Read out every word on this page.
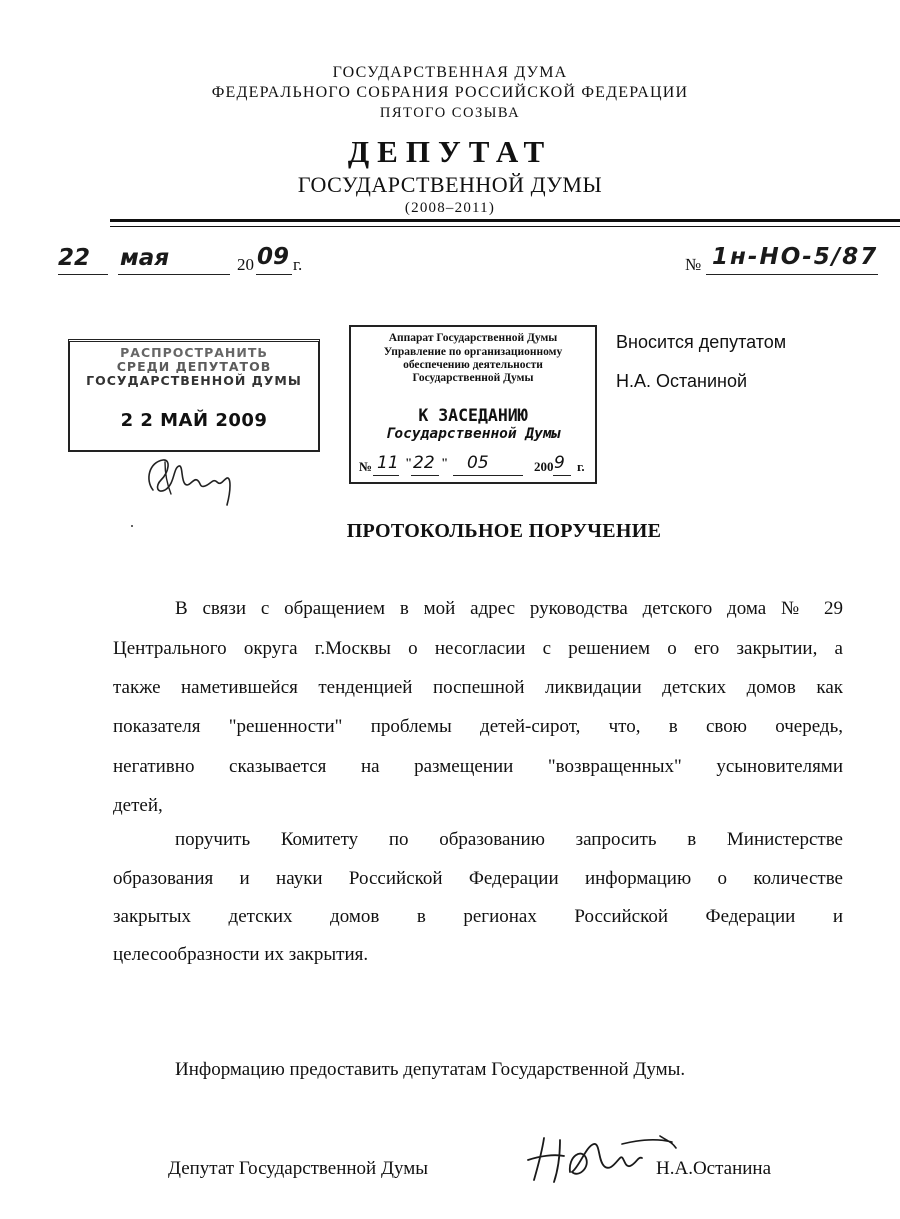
ГОСУДАРСТВЕННАЯ ДУМА
ФЕДЕРАЛЬНОГО СОБРАНИЯ РОССИЙСКОЙ ФЕДЕРАЦИИ
ПЯТОГО СОЗЫВА
ДЕПУТАТ
ГОСУДАРСТВЕННОЙ ДУМЫ
(2008–2011)
22 мая	20 09 г.	№ 1н-НО-5/87
РАСПРОСТРАНИТЬ
СРЕДИ ДЕПУТАТОВ
ГОСУДАРСТВЕННОЙ ДУМЫ
2 2 МАЙ 2009
Аппарат Государственной Думы
Управление по организационному
обеспечению деятельности
Государственной Думы
К ЗАСЕДАНИЮ
Государственной Думы
№ 11 " 22 " 05	200 9 г.
Вносится депутатом
Н.А. Останиной
ПРОТОКОЛЬНОЕ ПОРУЧЕНИЕ
В связи с обращением в мой адрес руководства детского дома № 29
Центрального округа г.Москвы о несогласии с решением о его закрытии, а
также наметившейся тенденцией поспешной ликвидации детских домов как
показателя "решенности" проблемы детей-сирот, что, в свою очередь,
негативно сказывается на размещении "возвращенных" усыновителями
детей,
поручить Комитету по образованию запросить в Министерстве
образования и науки Российской Федерации информацию о количестве
закрытых детских домов в регионах Российской Федерации и
целесообразности их закрытия.
Информацию предоставить депутатам Государственной Думы.
Депутат Государственной Думы	Н.А.Останина
